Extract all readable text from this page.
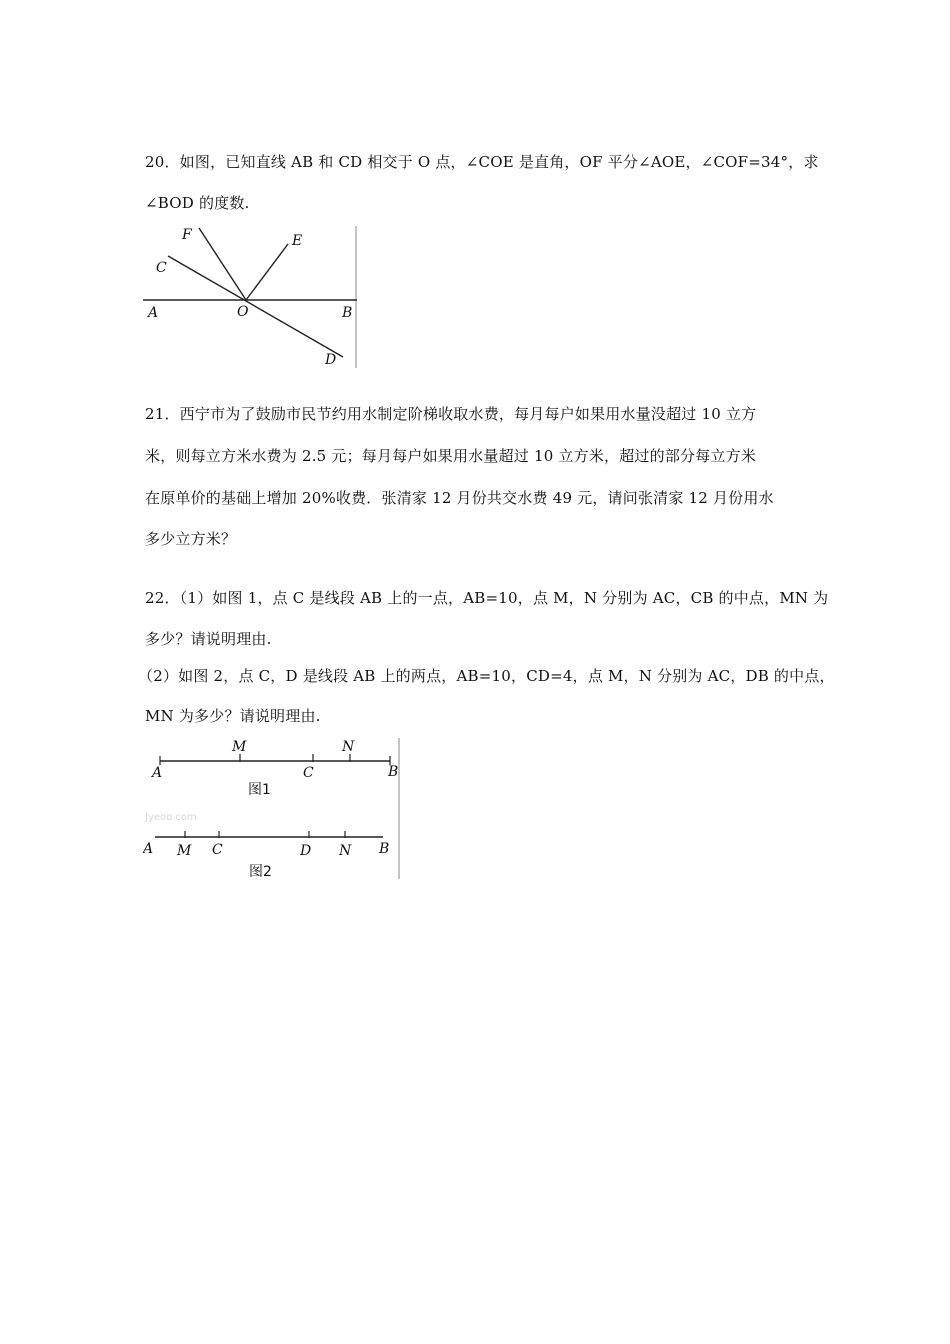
20．如图，已知直线 AB 和 CD 相交于 O 点，∠COE 是直角，OF 平分∠AOE，∠COF=34°，求
∠BOD 的度数.
F	E
C
A	O	B
D
21．西宁市为了鼓励市民节约用水制定阶梯收取水费，每月每户如果用水量没超过 10 立方
米，则每立方米水费为 2.5 元；每月每户如果用水量超过 10 立方米，超过的部分每立方米
在原单价的基础上增加 20%收费．张清家 12 月份共交水费 49 元，请问张清家 12 月份用水
多少立方米？
22．（1）如图 1，点 C 是线段 AB 上的一点，AB=10，点 M，N 分别为 AC，CB 的中点，MN 为
多少？请说明理由.
（2）如图 2，点 C，D 是线段 AB 上的两点，AB=10，CD=4，点 M，N 分别为 AC，DB 的中点，
MN 为多少？请说明理由.
A
M
C
N
B
图1
Jyeoo.com
A M C	D N B
图2
